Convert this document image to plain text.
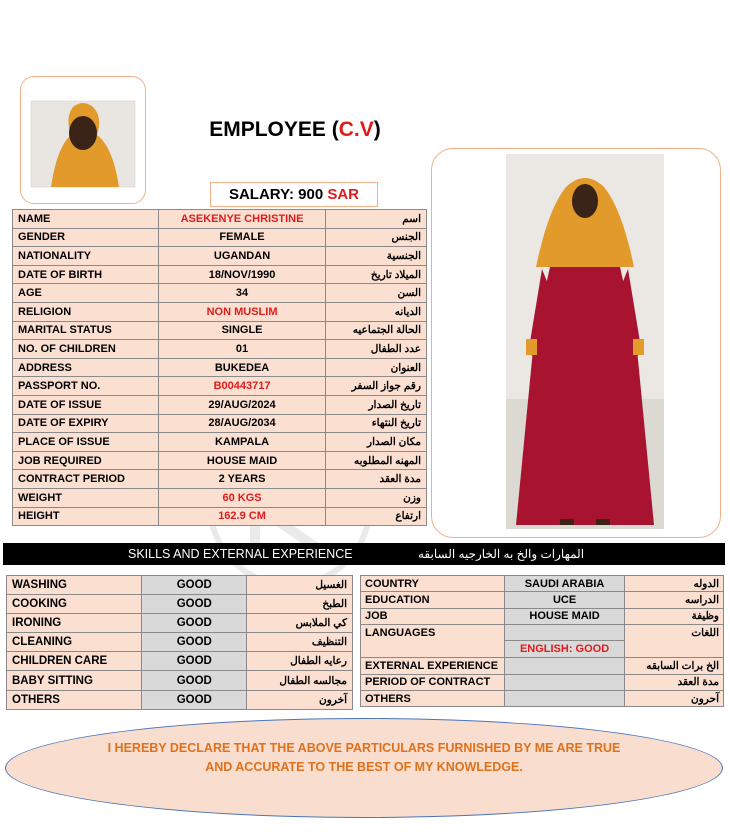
EMPLOYEE (C.V)
SALARY: 900 SAR
NAME	ASEKENYE CHRISTINE	اسم
GENDER	FEMALE	الجنس
NATIONALITY	UGANDAN	الجنسية
DATE OF BIRTH	18/NOV/1990	الميلاد تاريخ
AGE	34	السن
RELIGION	NON MUSLIM	الديانه
MARITAL STATUS	SINGLE	الحالة الجتماعيه
NO. OF CHILDREN	01	عدد الطفال
ADDRESS	BUKEDEA	العنوان
PASSPORT NO.	B00443717	رقم جواز السفر
DATE OF ISSUE	29/AUG/2024	تاريخ الصدار
DATE OF EXPIRY	28/AUG/2034	تاريخ النتهاء
PLACE OF ISSUE	KAMPALA	مكان الصدار
JOB REQUIRED	HOUSE MAID	المهنه المطلوبه
CONTRACT PERIOD	2 YEARS	مدة العقد
WEIGHT	60 KGS	وزن
HEIGHT	162.9 CM	ارتفاع
SKILLS AND EXTERNAL EXPERIENCE	المهارات والخ به الخارجيه السابقه
WASHING	GOOD	الغسيل
COOKING	GOOD	الطبخ
IRONING	GOOD	كي الملابس
CLEANING	GOOD	التنظيف
CHILDREN CARE	GOOD	رعايه الطفال
BABY SITTING	GOOD	مجالسه الطفال
OTHERS	GOOD	آخرون
COUNTRY	SAUDI ARABIA	الدوله
EDUCATION	UCE	الدراسه
JOB	HOUSE MAID	وظيفة
LANGUAGES		اللغات
	ENGLISH: GOOD	
EXTERNAL EXPERIENCE		الخ برات السابقه
PERIOD OF CONTRACT		مدة العقد
OTHERS		آحرون
I HEREBY DECLARE THAT THE ABOVE PARTICULARS FURNISHED BY ME ARE TRUE AND ACCURATE TO THE BEST OF MY KNOWLEDGE.
